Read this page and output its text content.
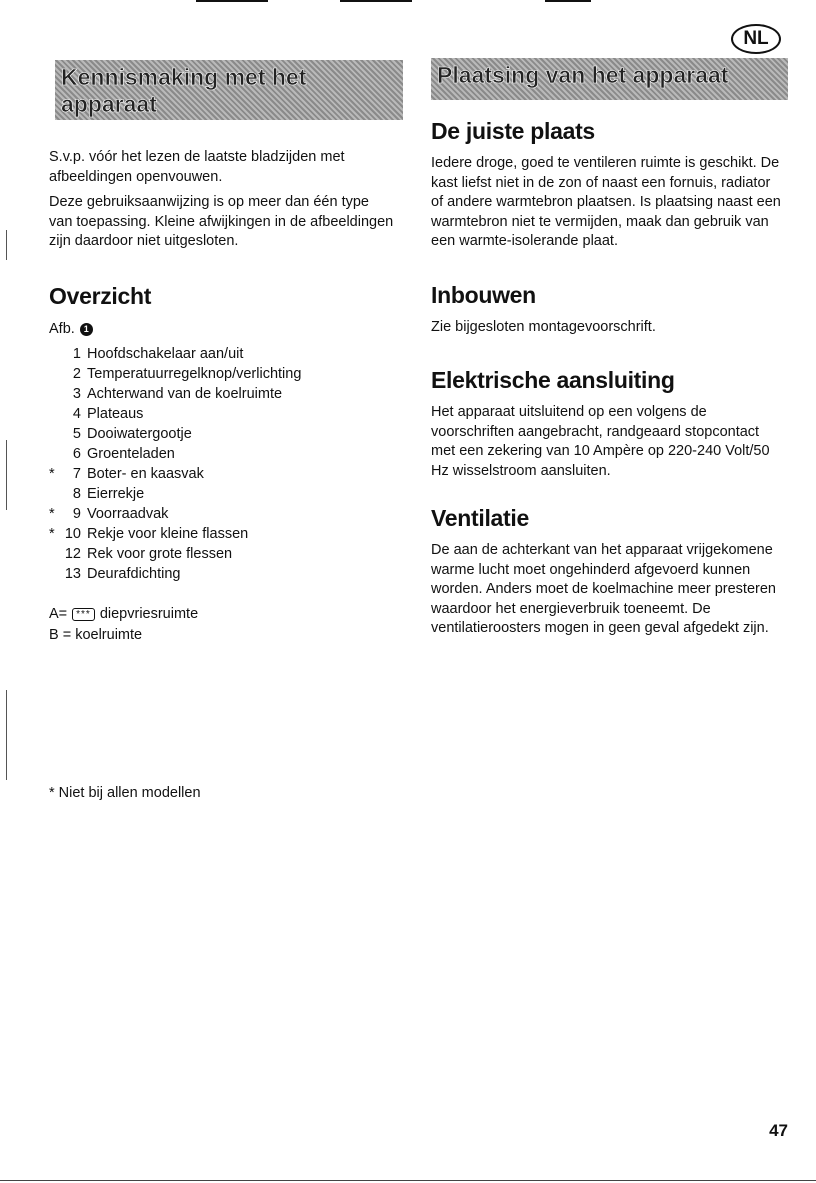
NL
Kennismaking met het apparaat

S.v.p. vóór het lezen de laatste bladzijden met afbeeldingen openvouwen.

Deze gebruiksaanwijzing is op meer dan één type van toepassing. Kleine afwijkingen in de afbeeldingen zijn daardoor niet uitgesloten.

Overzicht
Afb. 1
1 Hoofdschakelaar aan/uit
2 Temperatuurregelknop/verlichting
3 Achterwand van de koelruimte
4 Plateaus
5 Dooiwatergootje
6 Groenteladen
*	7 Boter- en kaasvak
8 Eierrekje
*	9 Voorraadvak
* 10 Rekje voor kleine flassen
12 Rek voor grote flessen
13 Deurafdichting
A= *** diepvriesruimte
B = koelruimte
* Niet bij allen modellen
Plaatsing van het apparaat
De juiste plaats

Iedere droge, goed te ventileren ruimte is geschikt. De kast liefst niet in de zon of naast een fornuis, radiator of andere warmtebron plaatsen. Is plaatsing naast een warmtebron niet te vermijden, maak dan gebruik van een warmte-isolerande plaat.

Inbouwen

Zie bijgesloten montagevoorschrift.

Elektrische aansluiting

Het apparaat uitsluitend op een volgens de voorschriften aangebracht, randgeaard stopcontact met een zekering van 10 Ampère op 220-240 Volt/50 Hz wisselstroom aansluiten.

Ventilatie

De aan de achterkant van het apparaat vrijgekomene warme lucht moet ongehinderd afgevoerd kunnen worden. Anders moet de koelmachine meer presteren waardoor het energieverbruik toeneemt. De ventilatieroosters mogen in geen geval afgedekt zijn.

47
